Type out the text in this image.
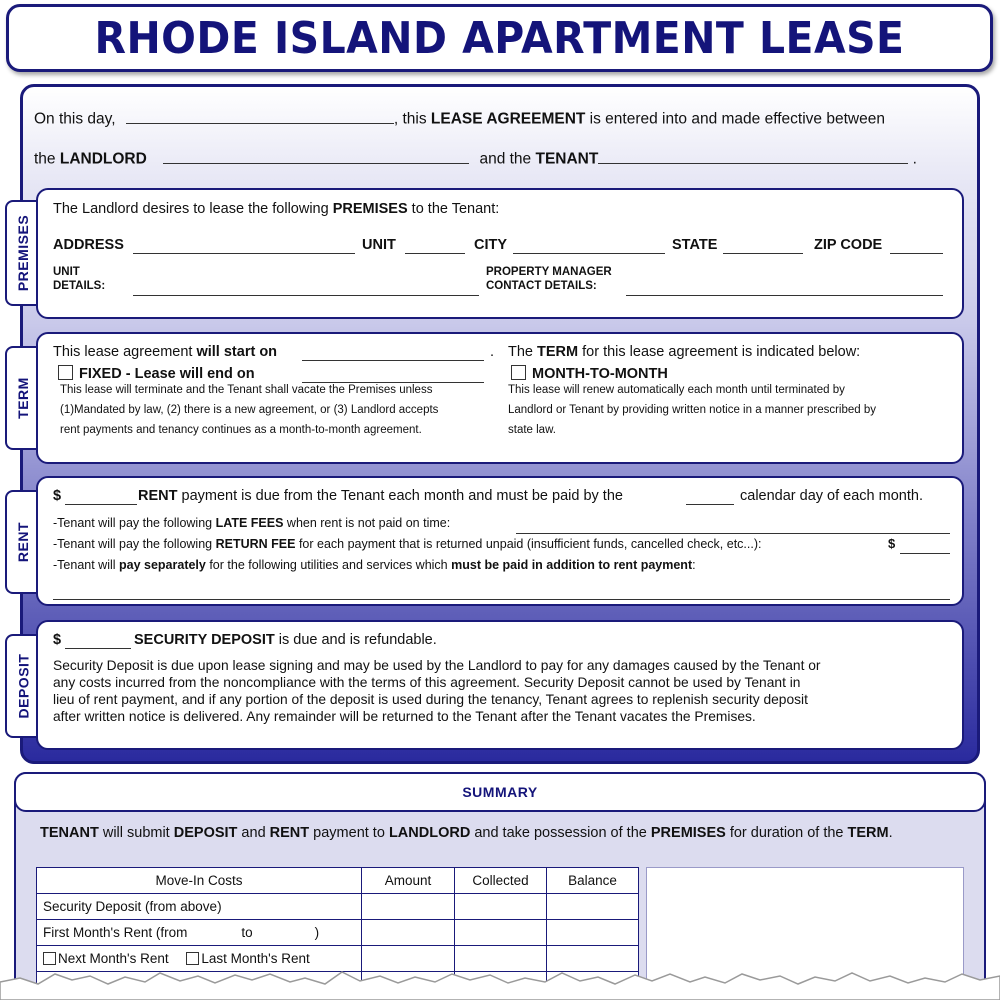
RHODE ISLAND APARTMENT LEASE
On this day,	, this LEASE AGREEMENT is entered into and made effective between
the LANDLORD	and the TENANT	.
PREMISES
The Landlord desires to lease the following PREMISES to the Tenant:
ADDRESS	UNIT	CITY	STATE	ZIP CODE
UNIT
DETAILS:
PROPERTY MANAGER
CONTACT DETAILS:
TERM
This lease agreement will start on	. The TERM for this lease agreement is indicated below:
FIXED - Lease will end on
This lease will terminate and the Tenant shall vacate the Premises unless
(1)Mandated by law, (2) there is a new agreement, or (3) Landlord accepts
rent payments and tenancy continues as a month-to-month agreement.
MONTH-TO-MONTH
This lease will renew automatically each month until terminated by
Landlord or Tenant by providing written notice in a manner prescribed by
state law.
RENT
$	RENT payment is due from the Tenant each month and must be paid by the	calendar day of each month.
-Tenant will pay the following LATE FEES when rent is not paid on time:
-Tenant will pay the following RETURN FEE for each payment that is returned unpaid (insufficient funds, cancelled check, etc...):	$
-Tenant will pay separately for the following utilities and services which must be paid in addition to rent payment:
DEPOSIT
$	SECURITY DEPOSIT is due and is refundable.
Security Deposit is due upon lease signing and may be used by the Landlord to pay for any damages caused by the Tenant or
any costs incurred from the noncompliance with the terms of this agreement. Security Deposit cannot be used by Tenant in
lieu of rent payment, and if any portion of the deposit is used during the tenancy, Tenant agrees to replenish security deposit
after written notice is delivered. Any remainder will be returned to the Tenant after the Tenant vacates the Premises.
SUMMARY
TENANT will submit DEPOSIT and RENT payment to LANDLORD and take possession of the PREMISES for duration of the TERM.
Move-In Costs	Amount	Collected	Balance
Security Deposit (from above)			
First Month's Rent (from to )			
Next Month's Rent Last Month's Rent			
